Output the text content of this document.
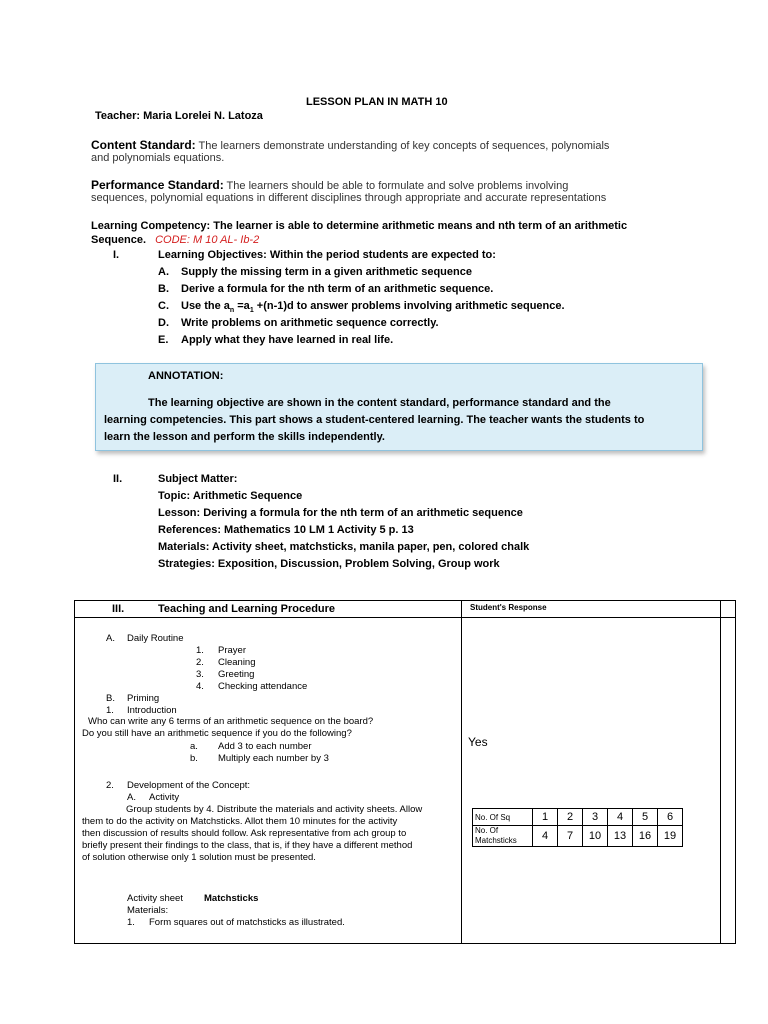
LESSON PLAN IN MATH 10
Teacher: Maria Lorelei N. Latoza
Content Standard: The learners demonstrate understanding of key concepts of sequences, polynomials
and polynomials equations.
Performance Standard: The learners should be able to formulate and solve problems involving
sequences, polynomial equations in different disciplines through appropriate and accurate representations
Learning Competency: The learner is able to determine arithmetic means and nth term of an arithmetic
Sequence. CODE: M 10 AL- Ib-2
I.	Learning Objectives: Within the period students are expected to:
A. Supply the missing term in a given arithmetic sequence
B. Derive a formula for the nth term of an arithmetic sequence.
C. Use the $a_n =a_1 +(n-1)d$ to answer problems involving arithmetic sequence.
D. Write problems on arithmetic sequence correctly.
E. Apply what they have learned in real life.
ANNOTATION:
The learning objective are shown in the content standard, performance standard and the
learning competencies. This part shows a student-centered learning. The teacher wants the students to
learn the lesson and perform the skills independently.
II.	Subject Matter:
Topic: Arithmetic Sequence
Lesson: Deriving a formula for the nth term of an arithmetic sequence
References: Mathematics 10 LM 1 Activity 5 p. 13
Materials: Activity sheet, matchsticks, manila paper, pen, colored chalk
Strategies: Exposition, Discussion, Problem Solving, Group work
III.	Teaching and Learning Procedure	Student's Response
A. Daily Routine
1. Prayer
2. Cleaning
3. Greeting
4. Checking attendance
B. Priming
1. Introduction
Who can write any 6 terms of an arithmetic sequence on the board?
Do you still have an arithmetic sequence if you do the following?
a. Add 3 to each number
b. Multiply each number by 3
2. Development of the Concept:
A. Activity
Group students by 4. Distribute the materials and activity sheets. Allow
them to do the activity on Matchsticks. Allot them 10 minutes for the activity
then discussion of results should follow. Ask representative from ach group to
briefly present their findings to the class, that is, if they have a different method
of solution otherwise only 1 solution must be presented.
Activity sheet Matchsticks
Materials:
1. Form squares out of matchsticks as illustrated.
Yes
No. Of Sq	1	2	3	4	5	6
No. Of
Matchsticks	4	7	10	13	16	19
